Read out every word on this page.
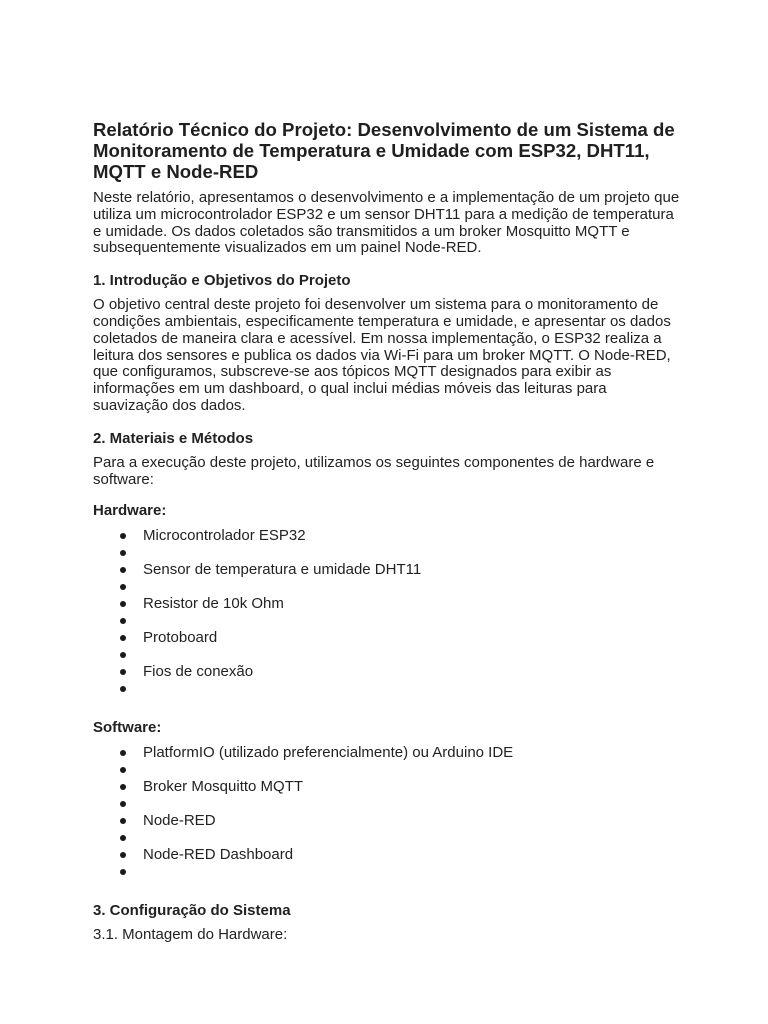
Relatório Técnico do Projeto: Desenvolvimento de um Sistema de Monitoramento de Temperatura e Umidade com ESP32, DHT11, MQTT e Node-RED

Neste relatório, apresentamos o desenvolvimento e a implementação de um projeto que utiliza um microcontrolador ESP32 e um sensor DHT11 para a medição de temperatura e umidade. Os dados coletados são transmitidos a um broker Mosquitto MQTT e subsequentemente visualizados em um painel Node-RED.

1. Introdução e Objetivos do Projeto

O objetivo central deste projeto foi desenvolver um sistema para o monitoramento de condições ambientais, especificamente temperatura e umidade, e apresentar os dados coletados de maneira clara e acessível. Em nossa implementação, o ESP32 realiza a leitura dos sensores e publica os dados via Wi-Fi para um broker MQTT. O Node-RED, que configuramos, subscreve-se aos tópicos MQTT designados para exibir as informações em um dashboard, o qual inclui médias móveis das leituras para suavização dos dados.

2. Materiais e Métodos

Para a execução deste projeto, utilizamos os seguintes componentes de hardware e software:

Hardware:
Microcontrolador ESP32
Sensor de temperatura e umidade DHT11
Resistor de 10k Ohm
Protoboard
Fios de conexão
Software:
PlatformIO (utilizado preferencialmente) ou Arduino IDE
Broker Mosquitto MQTT
Node-RED
Node-RED Dashboard
3. Configuração do Sistema

3.1. Montagem do Hardware:
